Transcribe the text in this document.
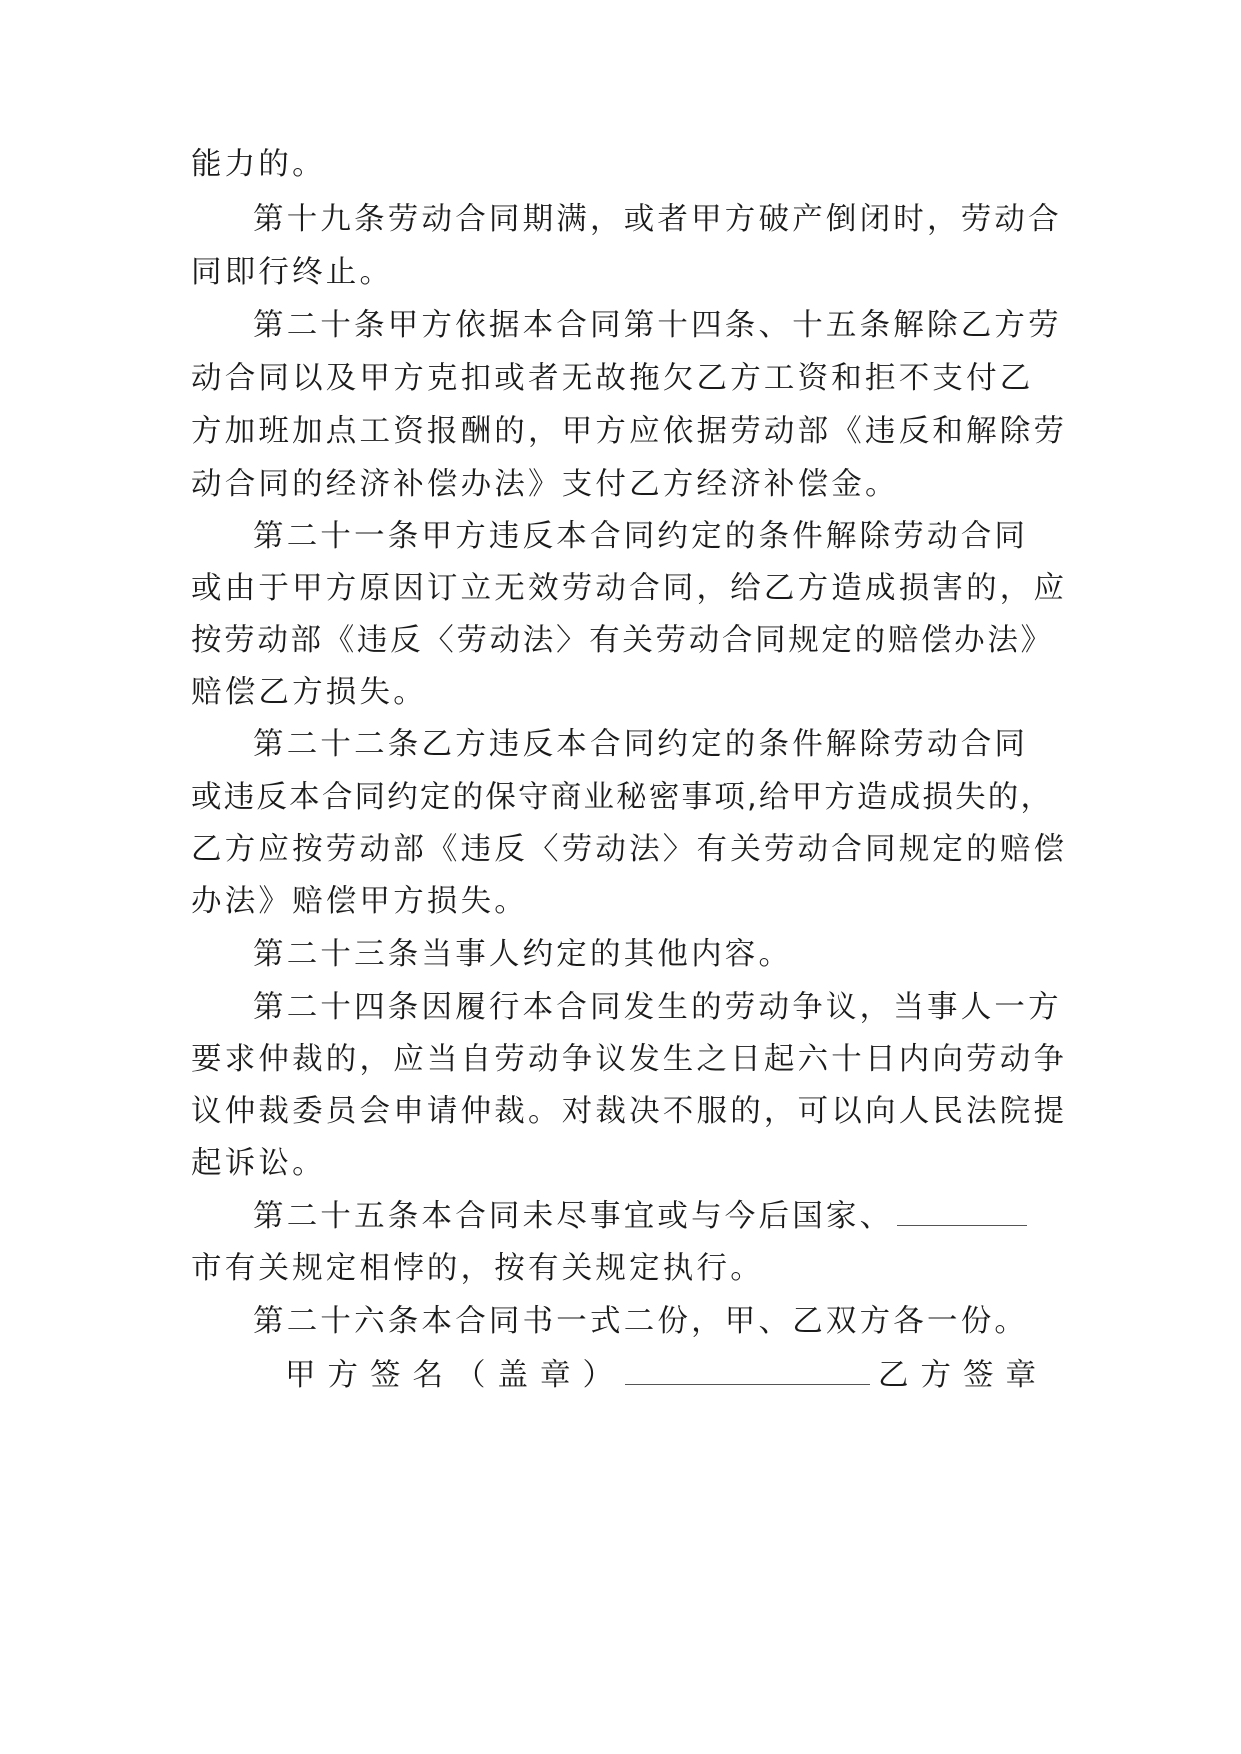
能力的。
第十九条劳动合同期满，或者甲方破产倒闭时，劳动合
同即行终止。
第二十条甲方依据本合同第十四条、十五条解除乙方劳
动合同以及甲方克扣或者无故拖欠乙方工资和拒不支付乙
方加班加点工资报酬的，甲方应依据劳动部《违反和解除劳
动合同的经济补偿办法》支付乙方经济补偿金。
第二十一条甲方违反本合同约定的条件解除劳动合同
或由于甲方原因订立无效劳动合同，给乙方造成损害的，应
按劳动部《违反〈劳动法〉有关劳动合同规定的赔偿办法》
赔偿乙方损失。
第二十二条乙方违反本合同约定的条件解除劳动合同
或违反本合同约定的保守商业秘密事项,给甲方造成损失的，
乙方应按劳动部《违反〈劳动法〉有关劳动合同规定的赔偿
办法》赔偿甲方损失。
第二十三条当事人约定的其他内容。
第二十四条因履行本合同发生的劳动争议，当事人一方
要求仲裁的，应当自劳动争议发生之日起六十日内向劳动争
议仲裁委员会申请仲裁。对裁决不服的，可以向人民法院提
起诉讼。
第二十五条本合同未尽事宜或与今后国家、
市有关规定相悖的，按有关规定执行。
第二十六条本合同书一式二份，甲、乙双方各一份。
甲方签名（盖章）	乙方签章
